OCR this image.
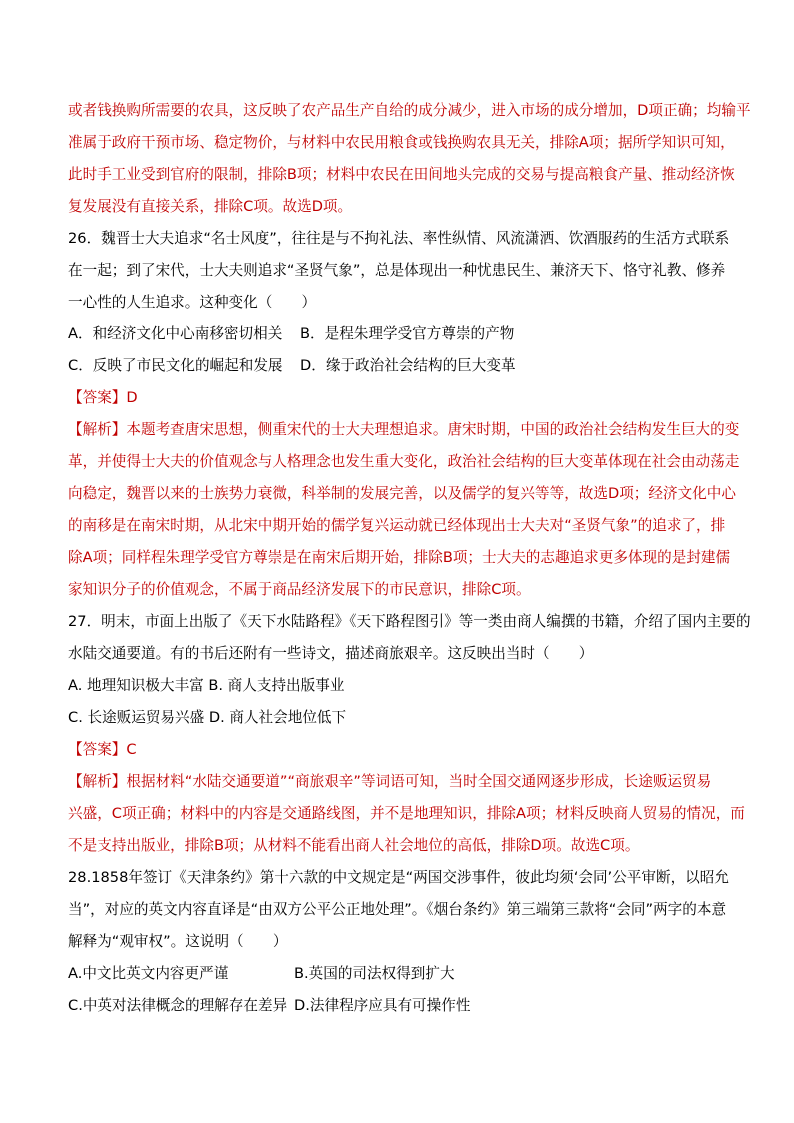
或者钱换购所需要的农具，这反映了农产品生产自给的成分减少，进入市场的成分增加，D项正确；均输平
准属于政府干预市场、稳定物价，与材料中农民用粮食或钱换购农具无关，排除A项；据所学知识可知，
此时手工业受到官府的限制，排除B项；材料中农民在田间地头完成的交易与提高粮食产量、推动经济恢
复发展没有直接关系，排除C项。故选D项。
26．魏晋士大夫追求“名士风度”，往往是与不拘礼法、率性纵情、风流潇洒、饮酒服药的生活方式联系
在一起；到了宋代，士大夫则追求“圣贤气象”，总是体现出一种忧患民生、兼济天下、恪守礼教、修养
一心性的人生追求。这种变化（　　）
A．和经济文化中心南移密切相关 B．是程朱理学受官方尊崇的产物
C．反映了市民文化的崛起和发展 D．缘于政治社会结构的巨大变革
【答案】D
【解析】本题考查唐宋思想，侧重宋代的士大夫理想追求。唐宋时期，中国的政治社会结构发生巨大的变
革，并使得士大夫的价值观念与人格理念也发生重大变化，政治社会结构的巨大变革体现在社会由动荡走
向稳定，魏晋以来的士族势力衰微，科举制的发展完善，以及儒学的复兴等等，故选D项；经济文化中心
的南移是在南宋时期，从北宋中期开始的儒学复兴运动就已经体现出士大夫对“圣贤气象”的追求了，排
除A项；同样程朱理学受官方尊崇是在南宋后期开始，排除B项；士大夫的志趣追求更多体现的是封建儒
家知识分子的价值观念，不属于商品经济发展下的市民意识，排除C项。
27．明末，市面上出版了《天下水陆路程》《天下路程图引》等一类由商人编撰的书籍，介绍了国内主要的
水陆交通要道。有的书后还附有一些诗文，描述商旅艰辛。这反映出当时（　　）
A. 地理知识极大丰富 B. 商人支持出版事业
C. 长途贩运贸易兴盛 D. 商人社会地位低下
【答案】C
【解析】根据材料“水陆交通要道”“商旅艰辛”等词语可知，当时全国交通网逐步形成，长途贩运贸易
兴盛，C项正确；材料中的内容是交通路线图，并不是地理知识，排除A项；材料反映商人贸易的情况，而
不是支持出版业，排除B项；从材料不能看出商人社会地位的高低，排除D项。故选C项。
28.1858年签订《天津条约》第十六款的中文规定是“两国交涉事件，彼此均须‘会同’公平审断，以昭允
当”，对应的英文内容直译是“由双方公平公正地处理”。《烟台条约》第三端第三款将“会同”两字的本意
解释为“观审权”。这说明（　　）
A.中文比英文内容更严谨	B.英国的司法权得到扩大
C.中英对法律概念的理解存在差异 D.法律程序应具有可操作性
